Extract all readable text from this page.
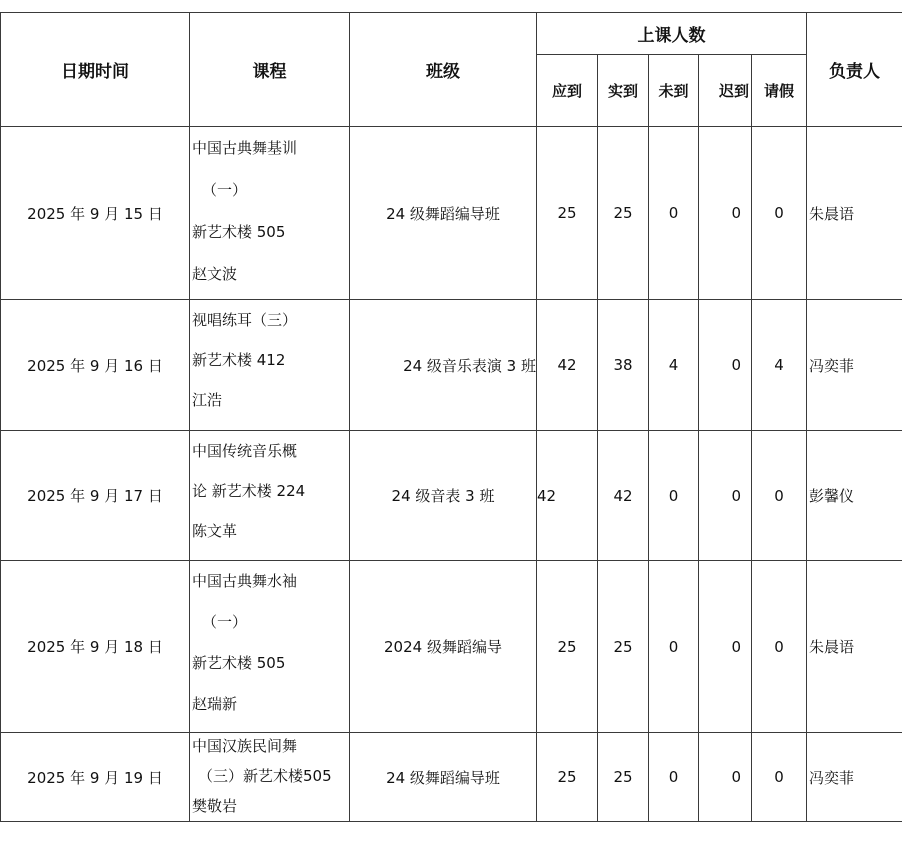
日期时间	课程	班级	上课人数					负责人
			应到	实到	未到	迟到	请假	
2025 年 9 月 15 日	中国古典舞基训
（一）
新艺术楼 505
赵文波	24 级舞蹈编导班	25	25	0	0	0	朱晨语
2025 年 9 月 16 日	视唱练耳（三）
新艺术楼 412
江浩	24 级音乐表演 3 班	42	38	4	0	4	冯奕菲
2025 年 9 月 17 日	中国传统音乐概
论 新艺术楼 224
陈文革	24 级音表 3 班	42	42	0	0	0	彭馨仪
2025 年 9 月 18 日	中国古典舞水袖
（一）
新艺术楼 505
赵瑞新	2024 级舞蹈编导	25	25	0	0	0	朱晨语
2025 年 9 月 19 日	中国汉族民间舞
（三）新艺术楼505
樊敬岩	24 级舞蹈编导班	25	25	0	0	0	冯奕菲
